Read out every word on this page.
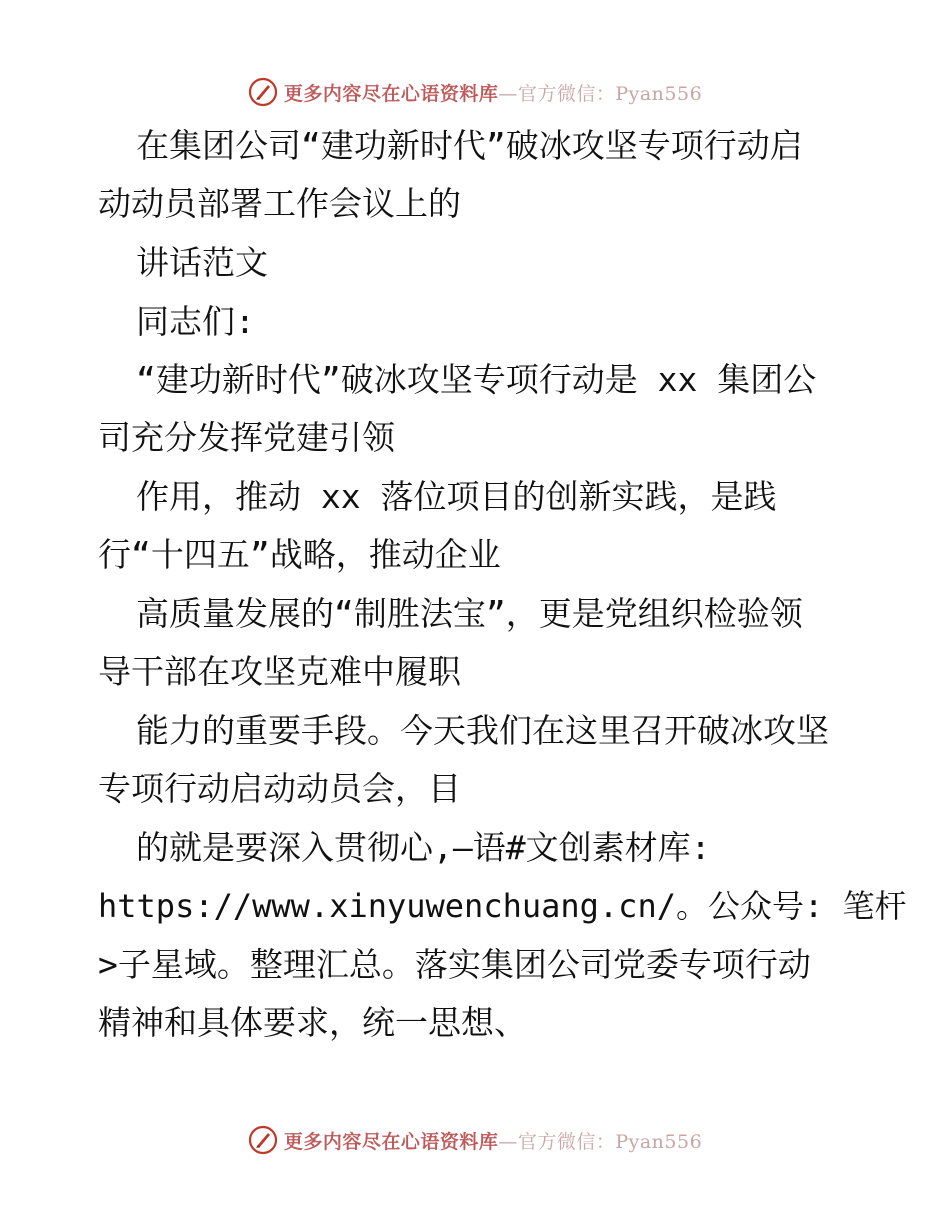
更多内容尽在心语资料库—官方微信：Pyan556
在集团公司“建功新时代”破冰攻坚专项行动启
动动员部署工作会议上的
讲话范文
同志们:
“建功新时代”破冰攻坚专项行动是 xx 集团公
司充分发挥党建引领
作用，推动 xx 落位项目的创新实践，是践
行“十四五”战略，推动企业
高质量发展的“制胜法宝”，更是党组织检验领
导干部在攻坚克难中履职
能力的重要手段。今天我们在这里召开破冰攻坚
专项行动启动动员会，目
的就是要深入贯彻心,—语#文创素材库:
https://www.xinyuwenchuang.cn/。公众号: 笔杆
>子星域。整理汇总。落实集团公司党委专项行动
精神和具体要求，统一思想、
更多内容尽在心语资料库—官方微信：Pyan556
